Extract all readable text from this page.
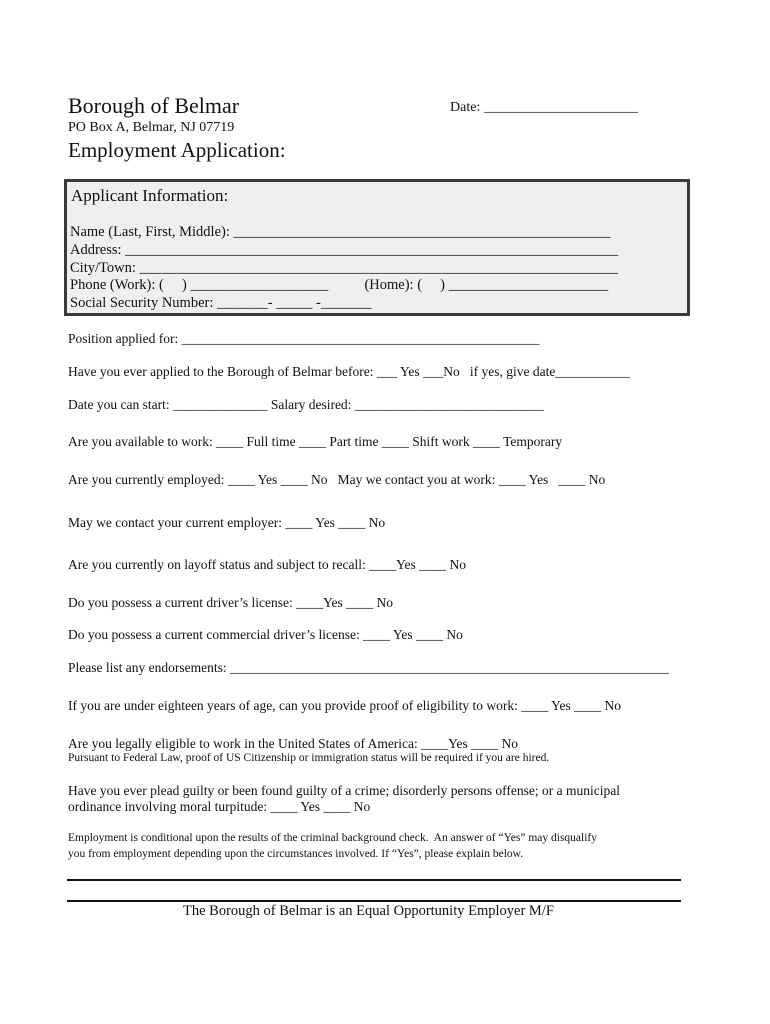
Borough of Belmar	Date: ______________________
PO Box A, Belmar, NJ 07719
Employment Application:
Applicant Information:
Name (Last, First, Middle): ____________________________________________________
Address: ____________________________________________________________________
City/Town: __________________________________________________________________
Phone (Work): (     ) ___________________          (Home): (     ) ______________________
Social Security Number: _______- _____ -_______
Position applied for: _____________________________________________________
Have you ever applied to the Borough of Belmar before: ___ Yes ___No   if yes, give date___________
Date you can start: ______________ Salary desired: ____________________________
Are you available to work: ____ Full time ____ Part time ____ Shift work ____ Temporary
Are you currently employed: ____ Yes ____ No   May we contact you at work: ____ Yes   ____ No
May we contact your current employer: ____ Yes ____ No
Are you currently on layoff status and subject to recall: ____Yes ____ No
Do you possess a current driver’s license: ____Yes ____ No
Do you possess a current commercial driver’s license: ____ Yes ____ No
Please list any endorsements: _________________________________________________________________
If you are under eighteen years of age, can you provide proof of eligibility to work: ____ Yes ____ No
Are you legally eligible to work in the United States of America: ____Yes ____ No
Pursuant to Federal Law, proof of US Citizenship or immigration status will be required if you are hired.
Have you ever plead guilty or been found guilty of a crime; disorderly persons offense; or a municipal
ordinance involving moral turpitude: ____ Yes ____ No
Employment is conditional upon the results of the criminal background check.  An answer of “Yes” may disqualify
you from employment depending upon the circumstances involved. If “Yes”, please explain below.
The Borough of Belmar is an Equal Opportunity Employer M/F
